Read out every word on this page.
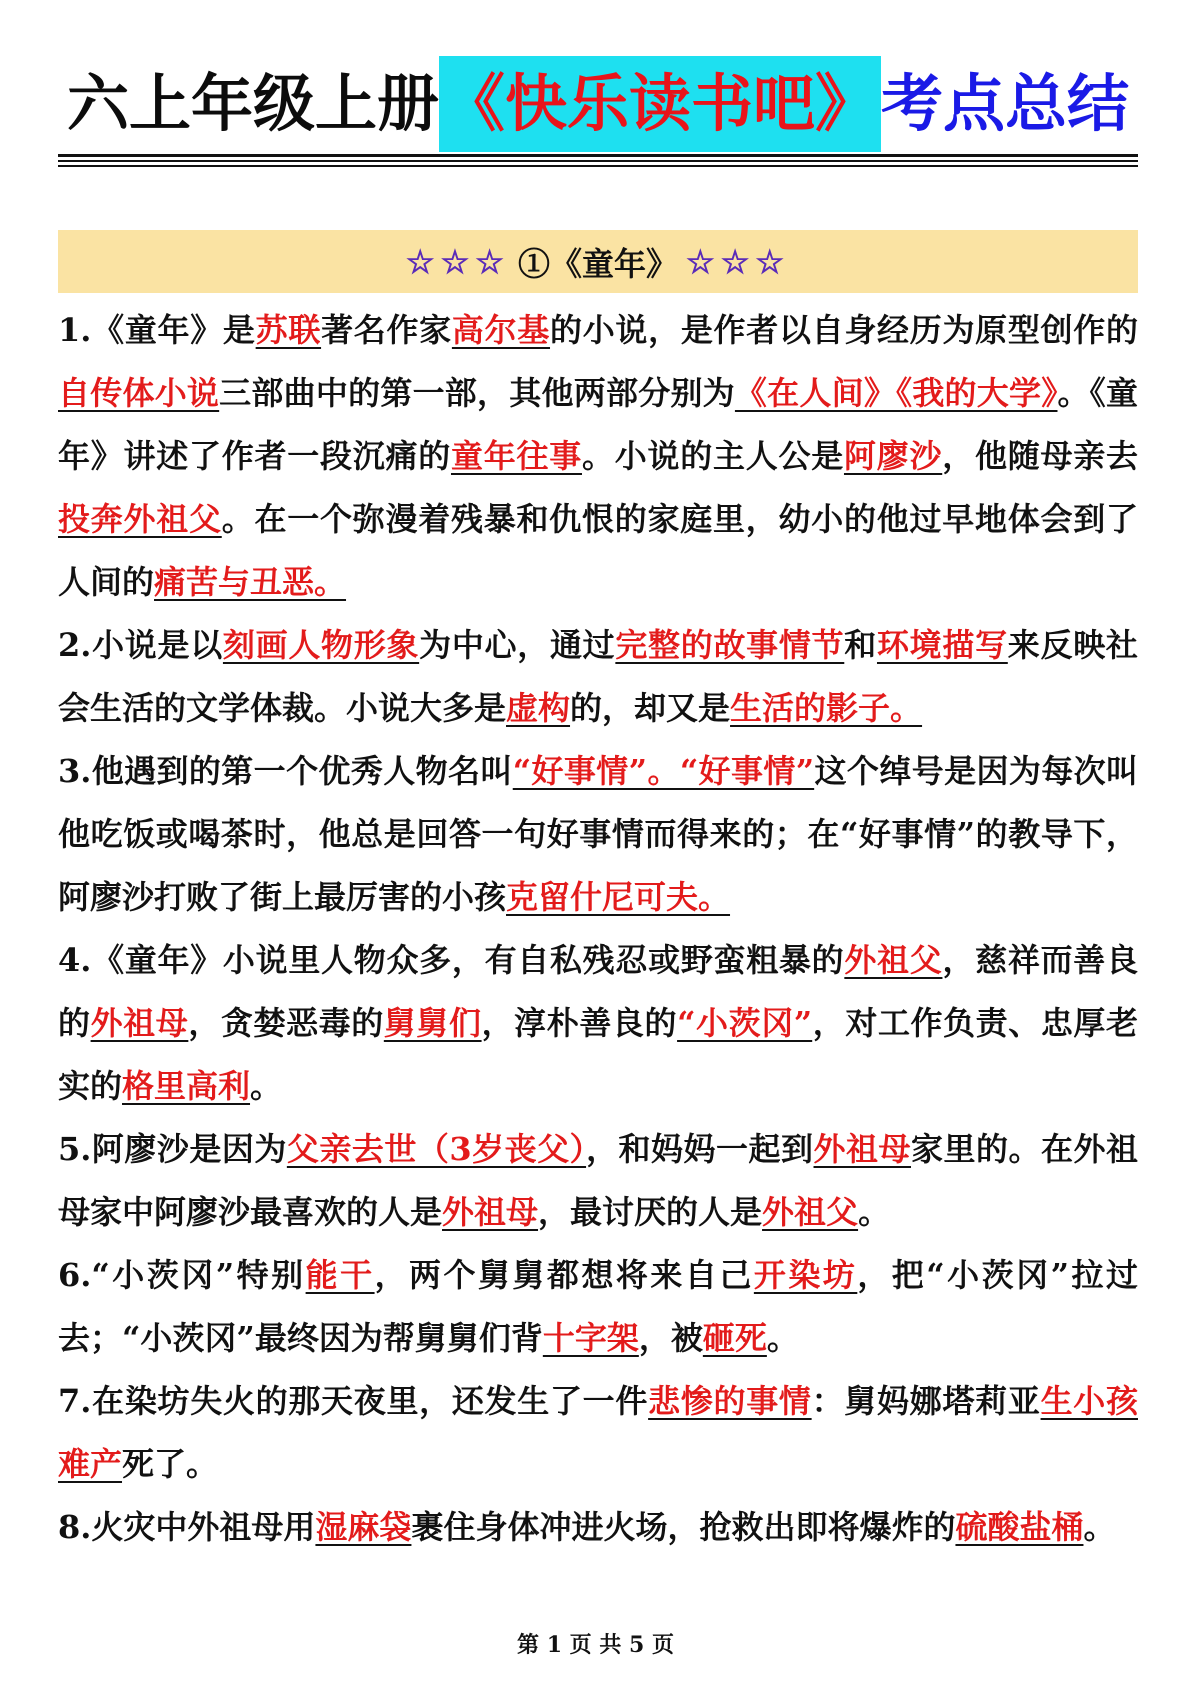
六上年级上册 《快乐读书吧》 考点总结
☆☆☆ ①《童年》 ☆☆☆

1.《童年》是苏联著名作家高尔基的小说，是作者以自身经历为原型创作的自传体小说三部曲中的第一部，其他两部分别为《在人间》《我的大学》。《童年》讲述了作者一段沉痛的童年往事。小说的主人公是阿廖沙，他随母亲去投奔外祖父。在一个弥漫着残暴和仇恨的家庭里，幼小的他过早地体会到了人间的痛苦与丑恶。

2.小说是以刻画人物形象为中心，通过完整的故事情节和环境描写来反映社会生活的文学体裁。小说大多是虚构的，却又是生活的影子。

3.他遇到的第一个优秀人物名叫“好事情”。“好事情”这个绰号是因为每次叫他吃饭或喝茶时，他总是回答一句好事情而得来的；在“好事情”的教导下，阿廖沙打败了街上最厉害的小孩克留什尼可夫。

4.《童年》小说里人物众多，有自私残忍或野蛮粗暴的外祖父，慈祥而善良的外祖母，贪婪恶毒的舅舅们，淳朴善良的“小茨冈”，对工作负责、忠厚老实的格里高利。

5.阿廖沙是因为父亲去世（3岁丧父），和妈妈一起到外祖母家里的。在外祖母家中阿廖沙最喜欢的人是外祖母，最讨厌的人是外祖父。

6.“小茨冈”特别能干，两个舅舅都想将来自己开染坊，把“小茨冈”拉过去；“小茨冈”最终因为帮舅舅们背十字架，被砸死。

7.在染坊失火的那天夜里，还发生了一件悲惨的事情：舅妈娜塔莉亚生小孩难产死了。

8.火灾中外祖母用湿麻袋裹住身体冲进火场，抢救出即将爆炸的硫酸盐桶。

第 1 页 共 5 页
